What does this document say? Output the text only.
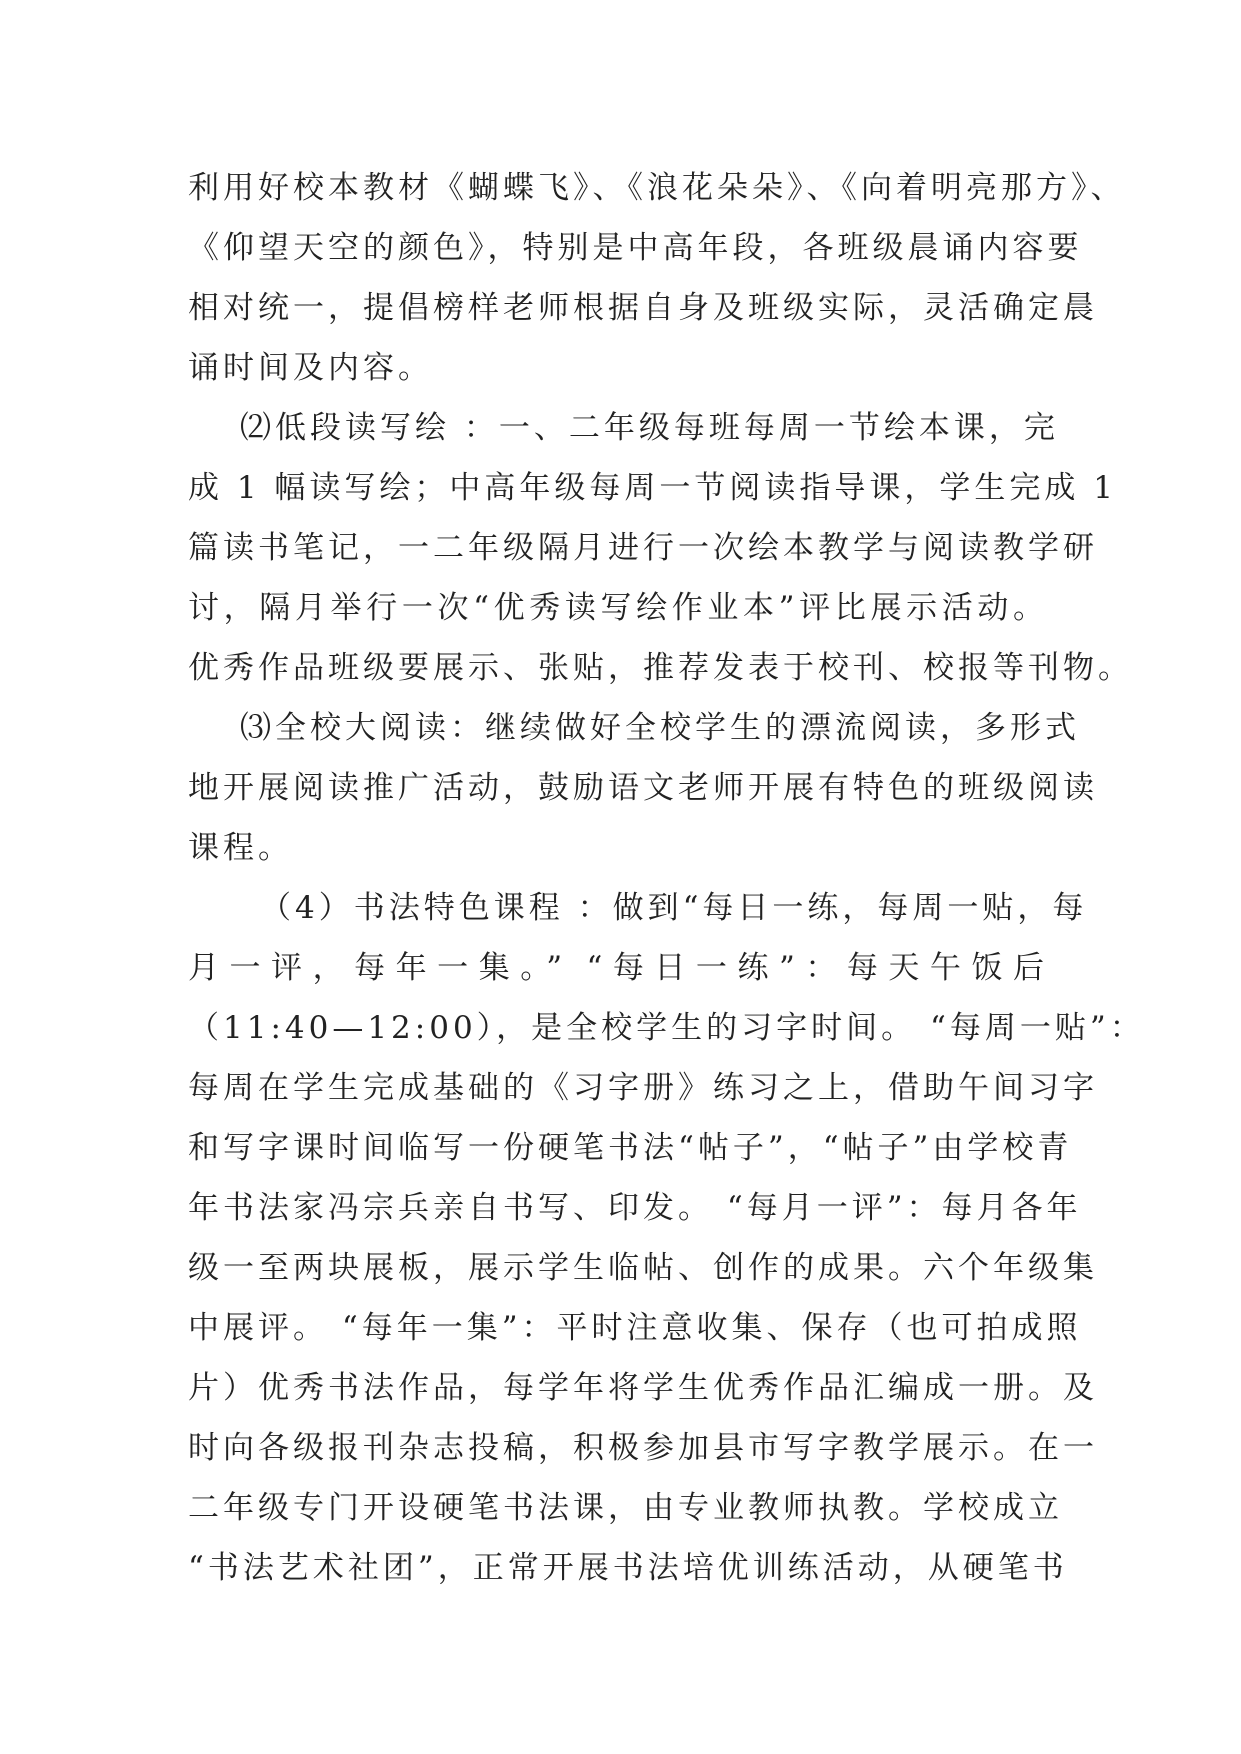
利用好校本教材《蝴蝶飞》、《浪花朵朵》、《向着明亮那方》、
《仰望天空的颜色》，特别是中高年段，各班级晨诵内容要
相对统一，提倡榜样老师根据自身及班级实际，灵活确定晨
诵时间及内容。
⑵低段读写绘 ：一、二年级每班每周一节绘本课，完
成 1 幅读写绘；中高年级每周一节阅读指导课，学生完成 1
篇读书笔记，一二年级隔月进行一次绘本教学与阅读教学研
讨，隔月举行一次“优秀读写绘作业本”评比展示活动。
优秀作品班级要展示、张贴，推荐发表于校刊、校报等刊物。
⑶全校大阅读：继续做好全校学生的漂流阅读，多形式
地开展阅读推广活动，鼓励语文老师开展有特色的班级阅读
课程。
（4）书法特色课程 ：做到“每日一练，每周一贴，每
月一评，每年一集。” “每日一练”：每天午饭后
（11:40—12:00），是全校学生的习字时间。 “每周一贴”：
每周在学生完成基础的《习字册》练习之上，借助午间习字
和写字课时间临写一份硬笔书法“帖子”，“帖子”由学校青
年书法家冯宗兵亲自书写、印发。 “每月一评”：每月各年
级一至两块展板，展示学生临帖、创作的成果。六个年级集
中展评。 “每年一集”：平时注意收集、保存（也可拍成照
片）优秀书法作品，每学年将学生优秀作品汇编成一册。及
时向各级报刊杂志投稿，积极参加县市写字教学展示。在一
二年级专门开设硬笔书法课，由专业教师执教。学校成立
“书法艺术社团”，正常开展书法培优训练活动，从硬笔书
